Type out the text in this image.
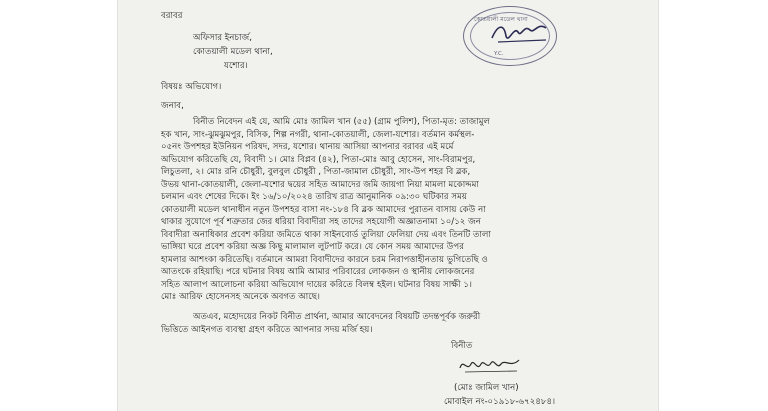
বরাবর
অফিসার ইনচার্জ,
কোতয়ালী মডেল থানা,
যশোর।
বিষয়ঃ অভিযোগ।
জনাব,
কোতয়ালী মডেল থানা
Y.C.
বিনীত নিবেদন এই যে, আমি মোঃ জামিল খান (৫৫) (গ্রাম পুলিশ), পিতা-মৃত: তাজামুল
হক খান, সাং-ঝুমঝুমপুর, বিসিক, শিল্প নগরী, থানা-কোতয়ালী, জেলা-যশোর। বর্তমান কর্মস্থল-
০৫নং উপশহর ইউনিয়ন পরিষদ, সদর, যশোর। থানায় আসিয়া আপনার বরাবর এই মর্মে
অভিযোগ করিতেছি যে, বিবাদী ১। মোঃ বিপ্লব (৪২), পিতা-মোঃ আবু হোসেন, সাং-বিরামপুর,
লিচুতলা, ২। মোঃ রনি চৌধুরী, বুলবুল চৌধুরী , পিতা-জামাল চৌধুরী, সাং-উপ শহর বি ব্লক,
উভয় থানা-কোতয়ালী, জেলা-যশোর দ্বয়ের সহিত আমাদের জমি জায়গা নিয়া মামলা মকোদ্দমা
চলমান এবং শেষের দিকে। ইং ১৬/১০/২০২৪ তারিখ রাত্র আনুমানিক ০৯:৩০ ঘটিকার সময়
কোতয়ালী মডেল থানাধীন নতুন উপশহর বাসা নং-১৮৪ বি ব্লক আমাদের পুরাতন বাসায় কেউ না
থাকার সুযোগে পূর্ব শত্রুতার জের ধরিয়া বিবাদীরা সহ তাদের সহযোগী অজ্ঞাতনামা ১০/১২ জন
বিবাদীরা অনাধিকার প্রবেশ করিয়া জমিতে থাকা সাইনবোর্ড তুলিয়া ফেলিয়া দেয় এবং তিনটি তালা
ভাঙ্গিয়া ঘরে প্রবেশ করিয়া অজ্ঞ কিছু মালামাল লুটপাট করে। যে কোন সময় আমাদের উপর
হামলার আশংকা করিতেছি। বর্তমানে আমরা বিবাদীদের কারনে চরম নিরাপত্তাহীনতায় ভুগিতেছি ও
আতংকে রহিয়াছি। পরে ঘটনার বিষয় আমি আমার পরিবারের লোকজন ও স্থানীয় লোকজনের
সহিত আলাপ আলোচনা করিয়া অভিযোগ দায়ের করিতে বিলম্ব হইল। ঘটনার বিষয় সাক্ষী ১।
মোঃ আরিফ হোসেনসহ অনেকে অবগত আছে।
অতএব, মহোদয়ের নিকট বিনীত প্রার্থনা, আমার আবেদনের বিষয়টি তদন্তপূর্বক জরুরী
ভিত্তিতে আইনগত ব্যবস্থা গ্রহণ করিতে আপনার সদয় মর্জি হয়।
বিনীত
(মোঃ জামিল খান)
মোবাইল নং-০১৯১৮-৬৭২৪৮৪।
